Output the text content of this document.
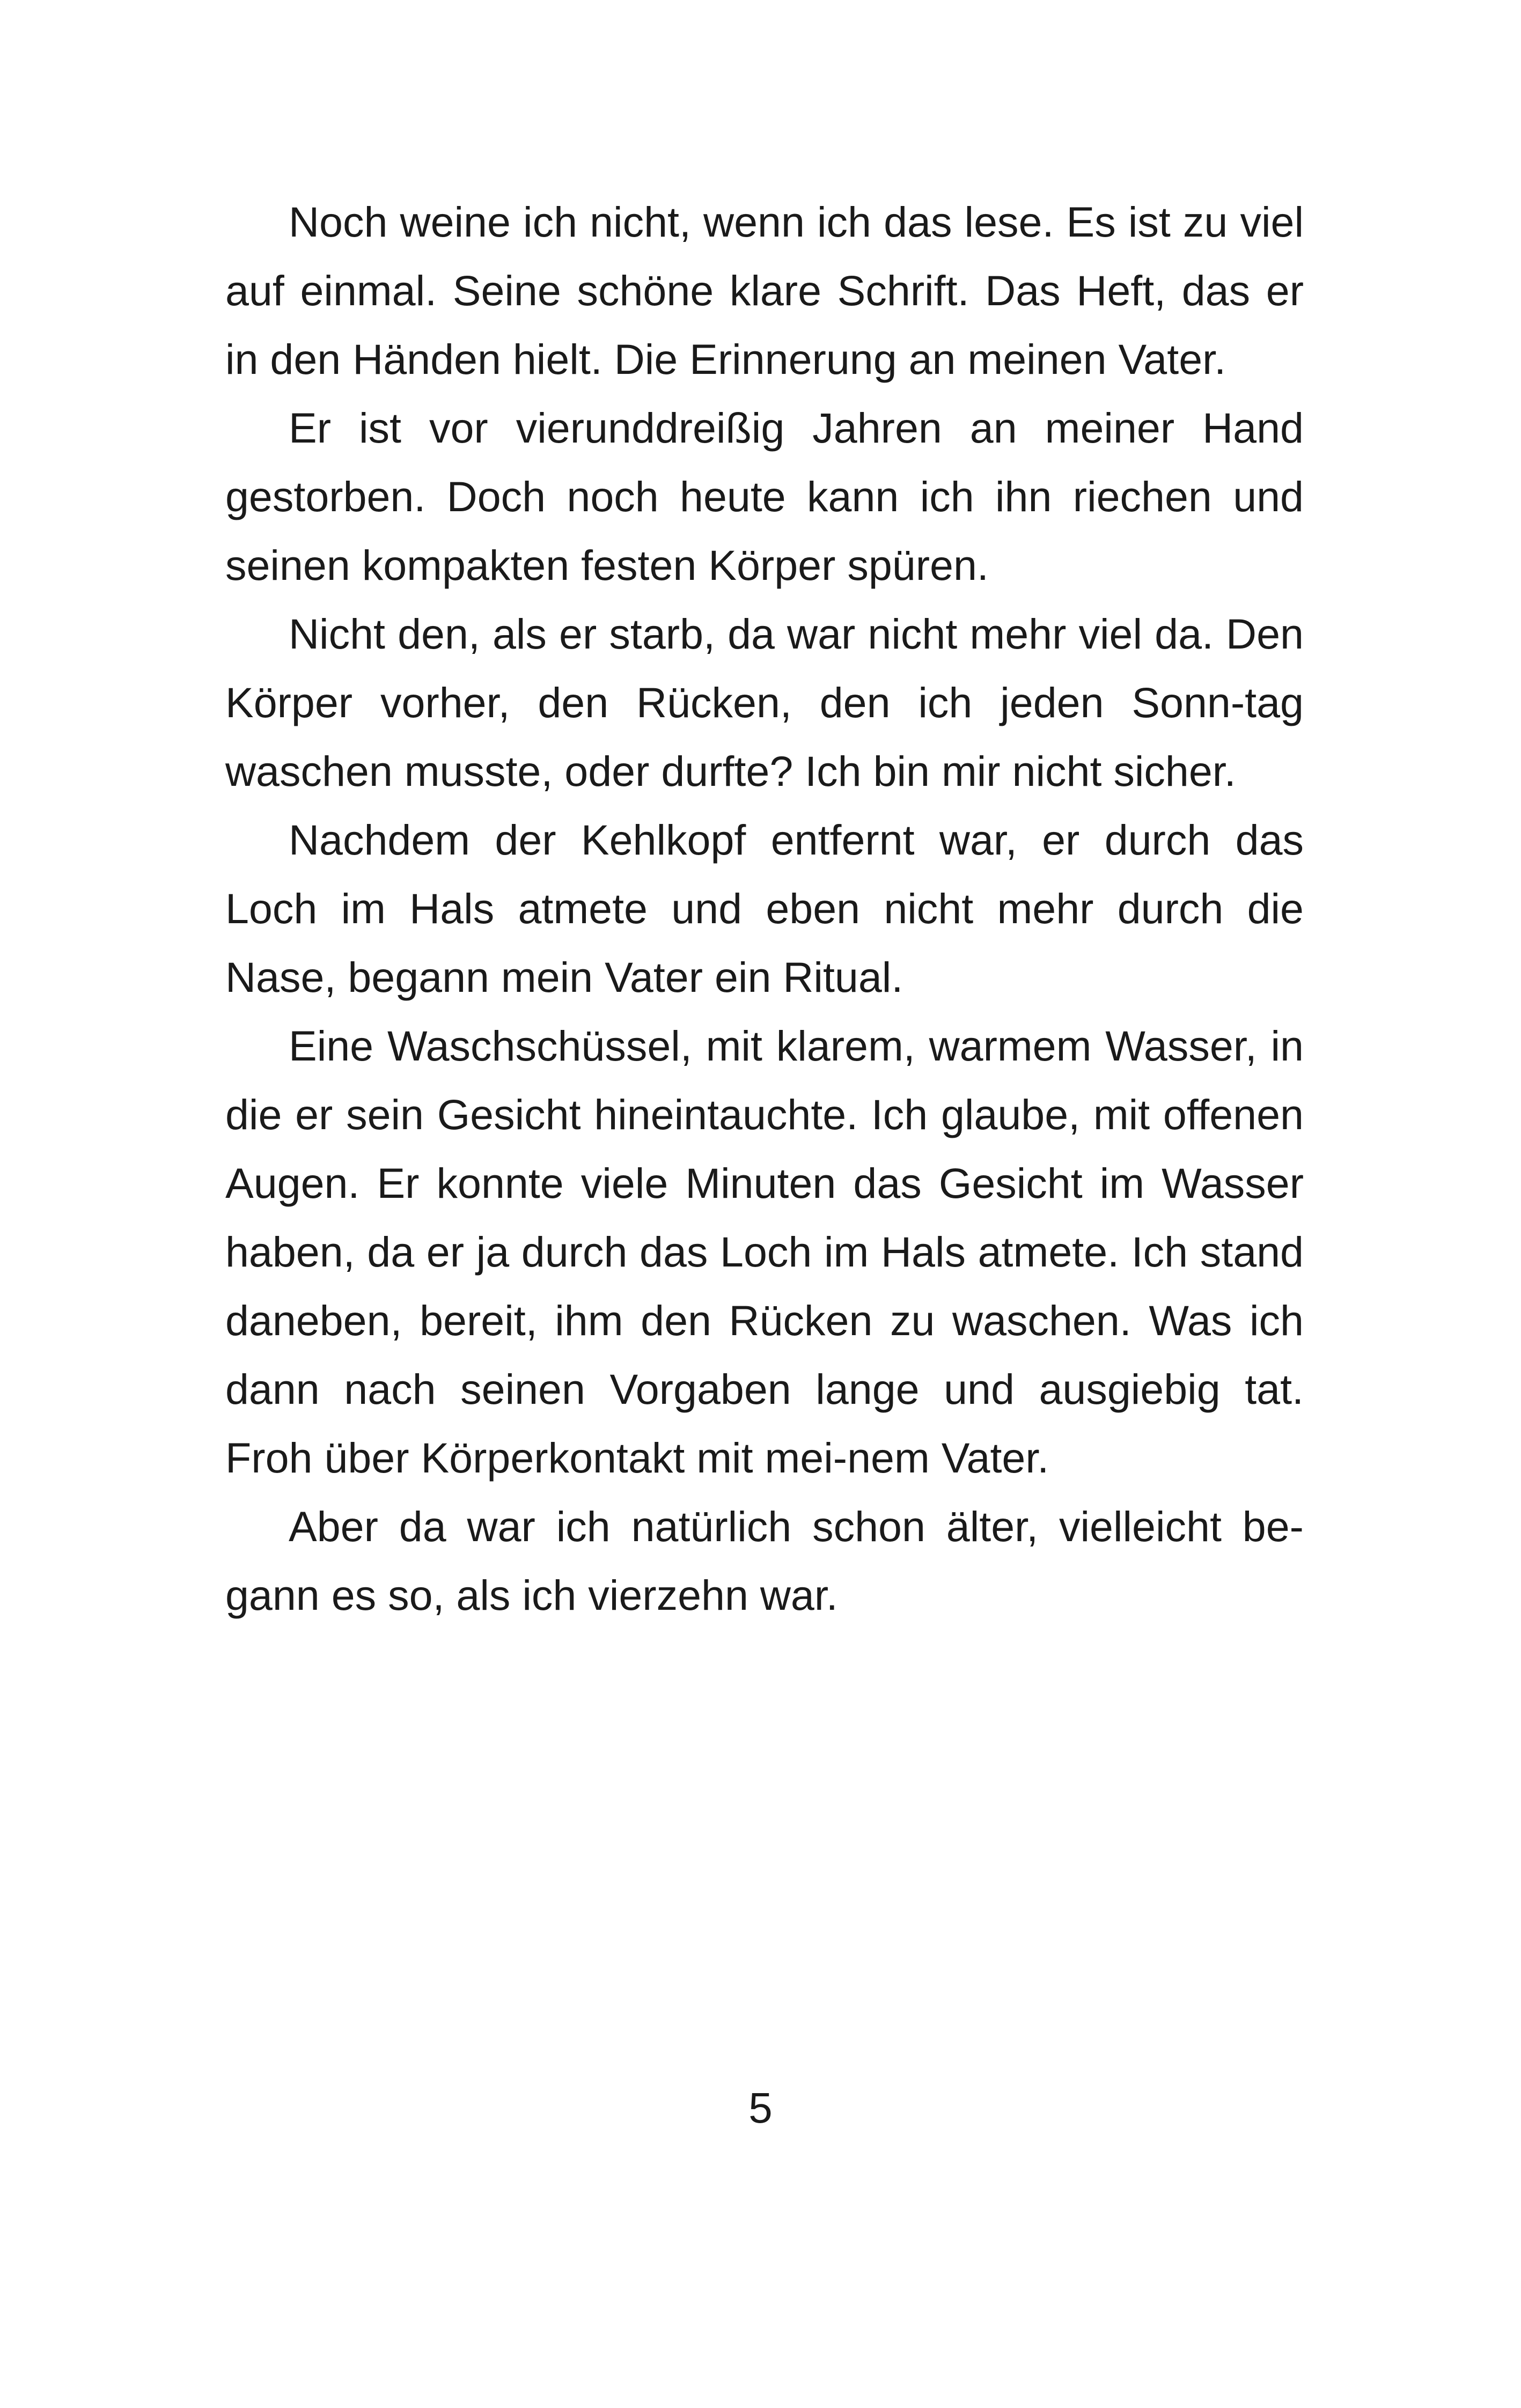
Noch weine ich nicht, wenn ich das lese. Es ist zu viel auf einmal. Seine schöne klare Schrift. Das Heft, das er in den Händen hielt. Die Erinnerung an meinen Vater.

Er ist vor vierunddreißig Jahren an meiner Hand gestorben. Doch noch heute kann ich ihn riechen und seinen kompakten festen Körper spüren.

Nicht den, als er starb, da war nicht mehr viel da. Den Körper vorher, den Rücken, den ich jeden Sonn-tag waschen musste, oder durfte? Ich bin mir nicht sicher.

Nachdem der Kehlkopf entfernt war, er durch das Loch im Hals atmete und eben nicht mehr durch die Nase, begann mein Vater ein Ritual.

Eine Waschschüssel, mit klarem, warmem Wasser, in die er sein Gesicht hineintauchte. Ich glaube, mit offenen Augen. Er konnte viele Minuten das Gesicht im Wasser haben, da er ja durch das Loch im Hals atmete. Ich stand daneben, bereit, ihm den Rücken zu waschen. Was ich dann nach seinen Vorgaben lange und ausgiebig tat. Froh über Körperkontakt mit mei-nem Vater.

Aber da war ich natürlich schon älter, vielleicht be-gann es so, als ich vierzehn war.

5
